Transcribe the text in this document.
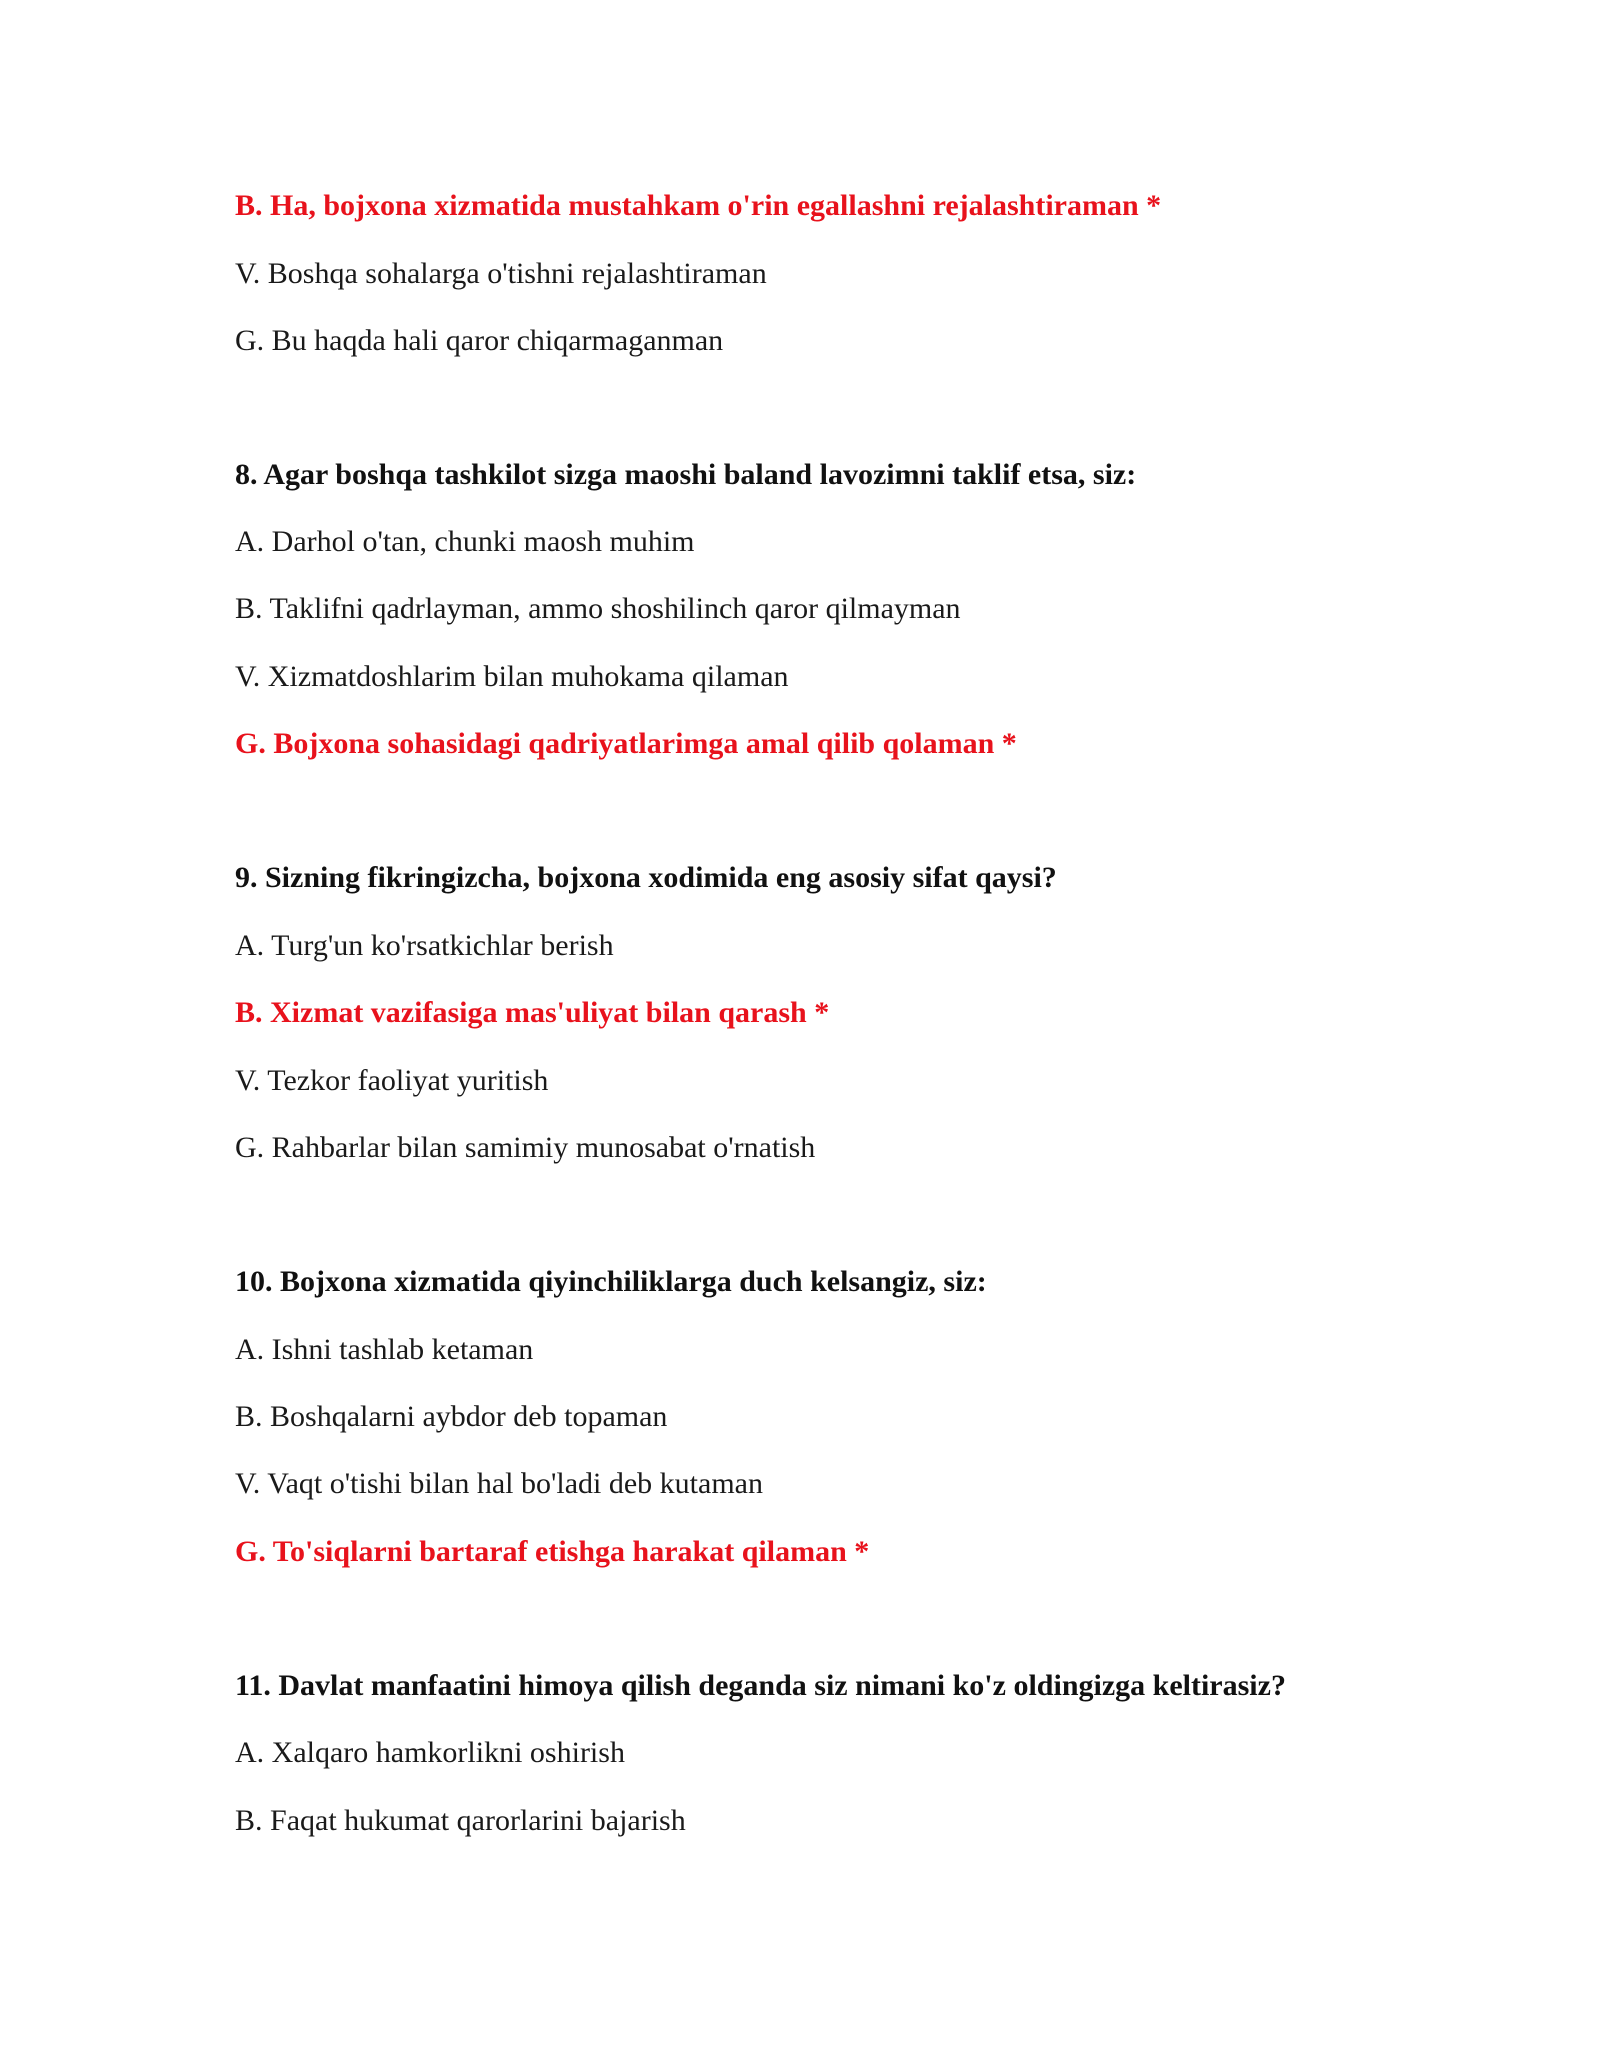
B. Ha, bojxona xizmatida mustahkam o'rin egallashni rejalashtiraman *

V. Boshqa sohalarga o'tishni rejalashtiraman

G. Bu haqda hali qaror chiqarmaganman

8. Agar boshqa tashkilot sizga maoshi baland lavozimni taklif etsa, siz:

A. Darhol o'tan, chunki maosh muhim

B. Taklifni qadrlayman, ammo shoshilinch qaror qilmayman

V. Xizmatdoshlarim bilan muhokama qilaman

G. Bojxona sohasidagi qadriyatlarimga amal qilib qolaman *

9. Sizning fikringizcha, bojxona xodimida eng asosiy sifat qaysi?

A. Turg'un ko'rsatkichlar berish

B. Xizmat vazifasiga mas'uliyat bilan qarash *

V. Tezkor faoliyat yuritish

G. Rahbarlar bilan samimiy munosabat o'rnatish

10. Bojxona xizmatida qiyinchiliklarga duch kelsangiz, siz:

A. Ishni tashlab ketaman

B. Boshqalarni aybdor deb topaman

V. Vaqt o'tishi bilan hal bo'ladi deb kutaman

G. To'siqlarni bartaraf etishga harakat qilaman *

11. Davlat manfaatini himoya qilish deganda siz nimani ko'z oldingizga keltirasiz?

A. Xalqaro hamkorlikni oshirish

B. Faqat hukumat qarorlarini bajarish
